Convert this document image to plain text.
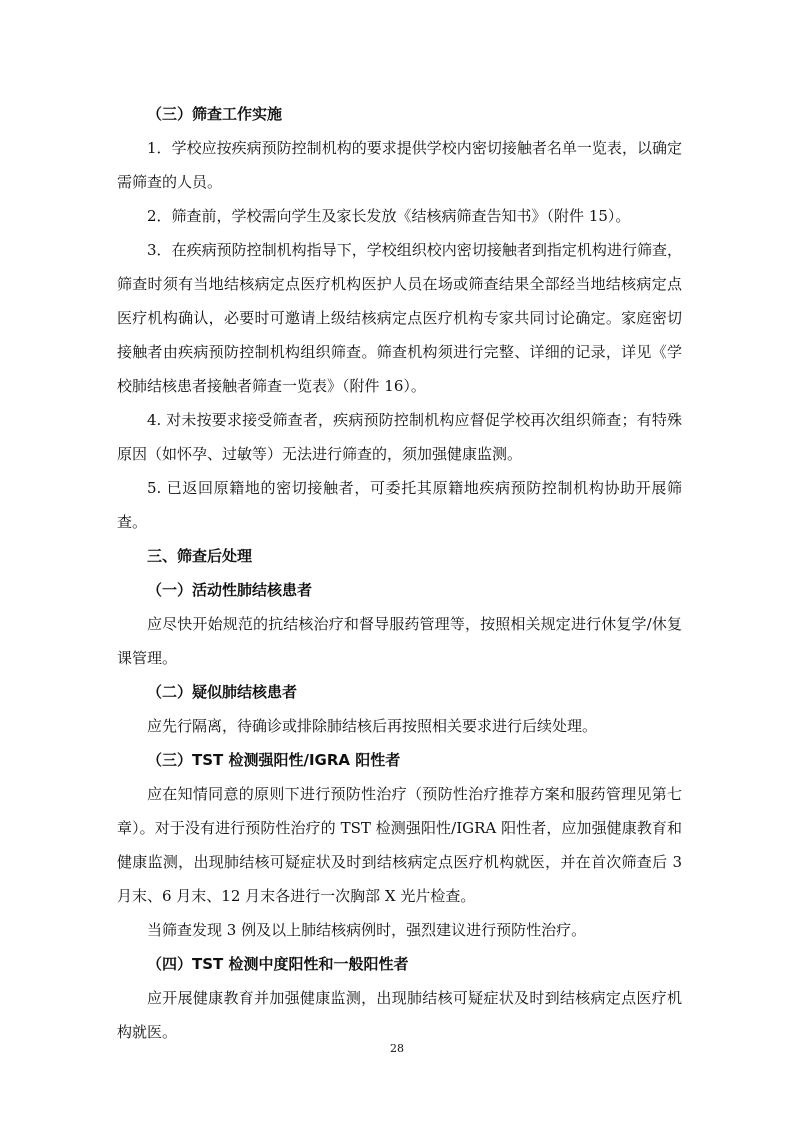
（三）筛查工作实施

1．学校应按疾病预防控制机构的要求提供学校内密切接触者名单一览表，以确定需筛查的人员。

2．筛查前，学校需向学生及家长发放《结核病筛查告知书》（附件 15）。

3．在疾病预防控制机构指导下，学校组织校内密切接触者到指定机构进行筛查，筛查时须有当地结核病定点医疗机构医护人员在场或筛查结果全部经当地结核病定点医疗机构确认，必要时可邀请上级结核病定点医疗机构专家共同讨论确定。家庭密切接触者由疾病预防控制机构组织筛查。筛查机构须进行完整、详细的记录，详见《学校肺结核患者接触者筛查一览表》（附件 16）。

4. 对未按要求接受筛查者，疾病预防控制机构应督促学校再次组织筛查；有特殊原因（如怀孕、过敏等）无法进行筛查的，须加强健康监测。

5. 已返回原籍地的密切接触者，可委托其原籍地疾病预防控制机构协助开展筛查。

三、筛查后处理
（一）活动性肺结核患者

应尽快开始规范的抗结核治疗和督导服药管理等，按照相关规定进行休复学/休复课管理。

（二）疑似肺结核患者

应先行隔离，待确诊或排除肺结核后再按照相关要求进行后续处理。

（三）TST 检测强阳性/IGRA 阳性者

应在知情同意的原则下进行预防性治疗（预防性治疗推荐方案和服药管理见第七章）。对于没有进行预防性治疗的 TST 检测强阳性/IGRA 阳性者，应加强健康教育和健康监测，出现肺结核可疑症状及时到结核病定点医疗机构就医，并在首次筛查后 3 月末、6 月末、12 月末各进行一次胸部 X 光片检查。

当筛查发现 3 例及以上肺结核病例时，强烈建议进行预防性治疗。

（四）TST 检测中度阳性和一般阳性者

应开展健康教育并加强健康监测，出现肺结核可疑症状及时到结核病定点医疗机构就医。

28
